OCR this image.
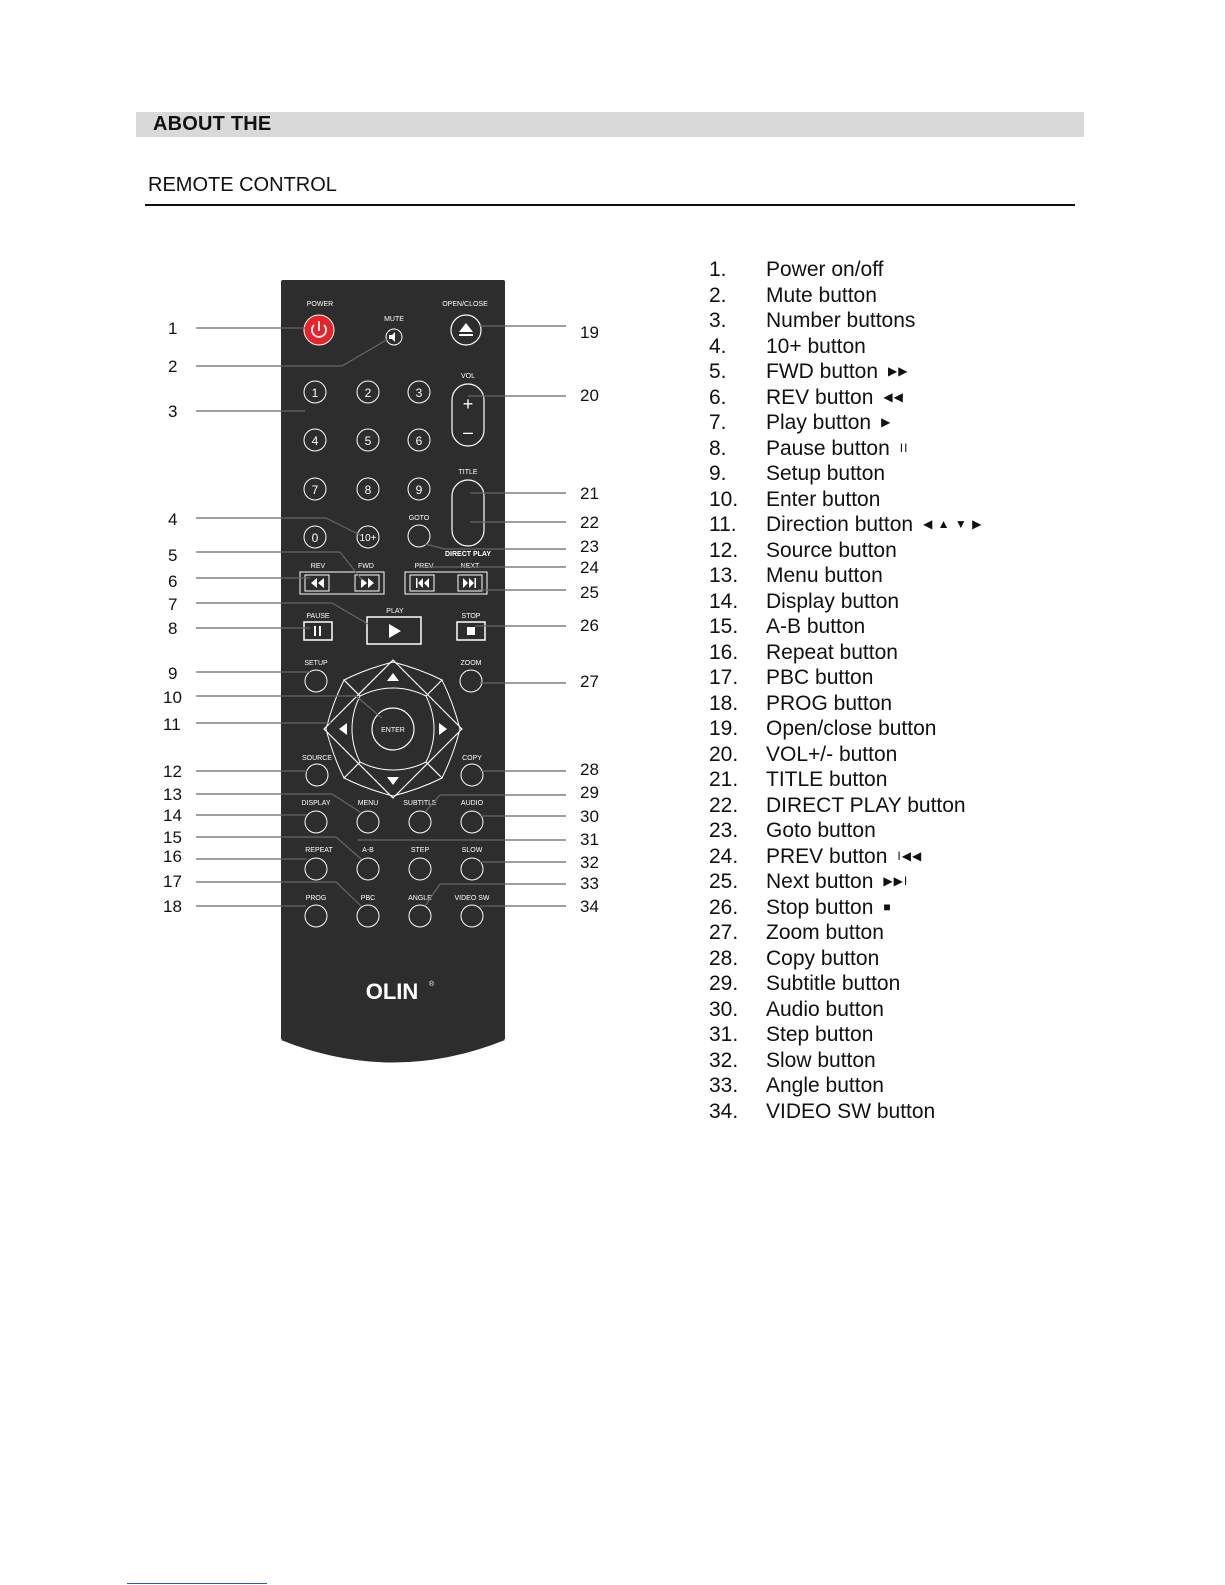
ABOUT THE
REMOTE CONTROL
POWER
MUTE
OPEN/CLOSE
1	2	3
4	5	6
7	8	9
0	10+
VOL
+
–
TITLE
DIRECT PLAY
GOTO
REV	FWD	PREV	NEXT
PAUSE
PLAY
STOP
SETUP	ZOOM
ENTER
SOURCE	COPY
DISPLAY	MENU	SUBTITLE	AUDIO
REPEAT	A-B	STEP	SLOW
PROG	PBC	ANGLE	VIDEO SW
OLIN ®
1
2
3
4
5
6
7
8
9
10
11
12
13
14
15
16
17
18
19
20
21
22
23
24
25
26
27
28
29
30
31
32
33
34
1.	Power on/off
2.	Mute button
3.	Number buttons
4.	10+ button
5.	FWD button ▶▶
6.	REV button ◀◀
7.	Play button ▶
8.	Pause button II
9.	Setup button
10.	Enter button
11.	Direction button ◀ ▲ ▼ ▶
12.	Source button
13.	Menu button
14.	Display button
15.	A-B button
16.	Repeat button
17.	PBC button
18.	PROG button
19.	Open/close button
20.	VOL+/- button
21.	TITLE button
22.	DIRECT PLAY button
23.	Goto button
24.	PREV button I◀◀
25.	Next button ▶▶I
26.	Stop button ■
27.	Zoom button
28.	Copy button
29.	Subtitle button
30.	Audio button
31.	Step button
32.	Slow button
33.	Angle button
34.	VIDEO SW button
